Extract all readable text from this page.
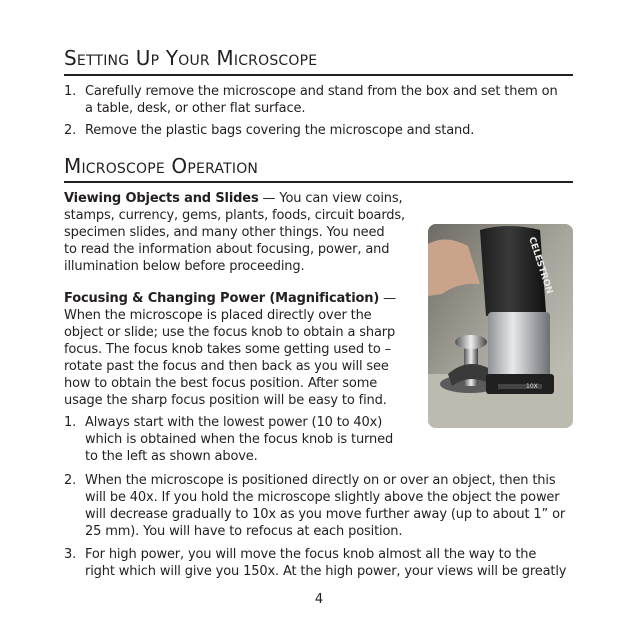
Setting Up Your Microscope
1. Carefully remove the microscope and stand from the box and set them on
a table, desk, or other flat surface.
2. Remove the plastic bags covering the microscope and stand.
Microscope Operation
Viewing Objects and Slides — You can view coins,
stamps, currency, gems, plants, foods, circuit boards,
specimen slides, and many other things. You need
to read the information about focusing, power, and
illumination below before proceeding.
Focusing & Changing Power (Magnification) —
When the microscope is placed directly over the
object or slide; use the focus knob to obtain a sharp
focus. The focus knob takes some getting used to –
rotate past the focus and then back as you will see
how to obtain the best focus position. After some
usage the sharp focus position will be easy to find.
1. Always start with the lowest power (10 to 40x)
which is obtained when the focus knob is turned
to the left as shown above.
2. When the microscope is positioned directly on or over an object, then this
will be 40x. If you hold the microscope slightly above the object the power
will decrease gradually to 10x as you move further away (up to about 1” or
25 mm). You will have to refocus at each position.
3. For high power, you will move the focus knob almost all the way to the
right which will give you 150x. At the high power, your views will be greatly
CELESTRON
10X
4
